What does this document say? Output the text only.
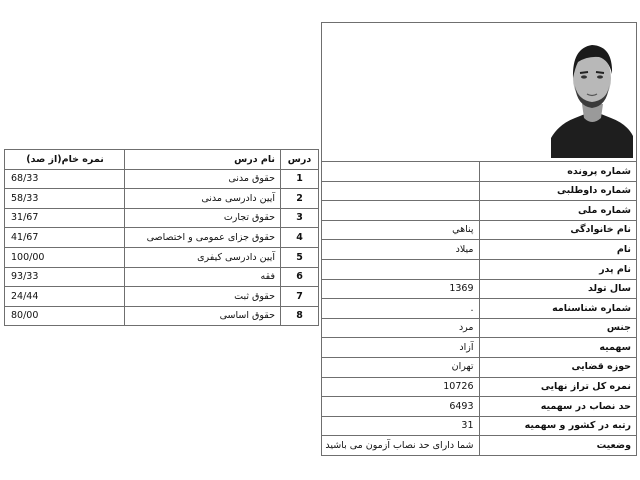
شماره پرونده	
شماره داوطلبی	
شماره ملی	
نام خانوادگی	پناهي
نام	ميلاد
نام پدر	
سال تولد	1369
شماره شناسنامه	.
جنس	مرد
سهميه	آزاد
حوزه قضايی	تهران
نمره کل تراز نهایی	10726
حد نصاب در سهميه	6493
رتبه در کشور و سهميه	31
وضعيت	شما دارای حد نصاب آزمون می باشيد
درس	نام درس	نمره خام(از صد)
1	حقوق مدنی	68/33
2	آيين دادرسی مدنی	58/33
3	حقوق تجارت	31/67
4	حقوق جزای عمومی و اختصاصی	41/67
5	آيين دادرسی کيفری	100/00
6	فقه	93/33
7	حقوق ثبت	24/44
8	حقوق اساسی	80/00
